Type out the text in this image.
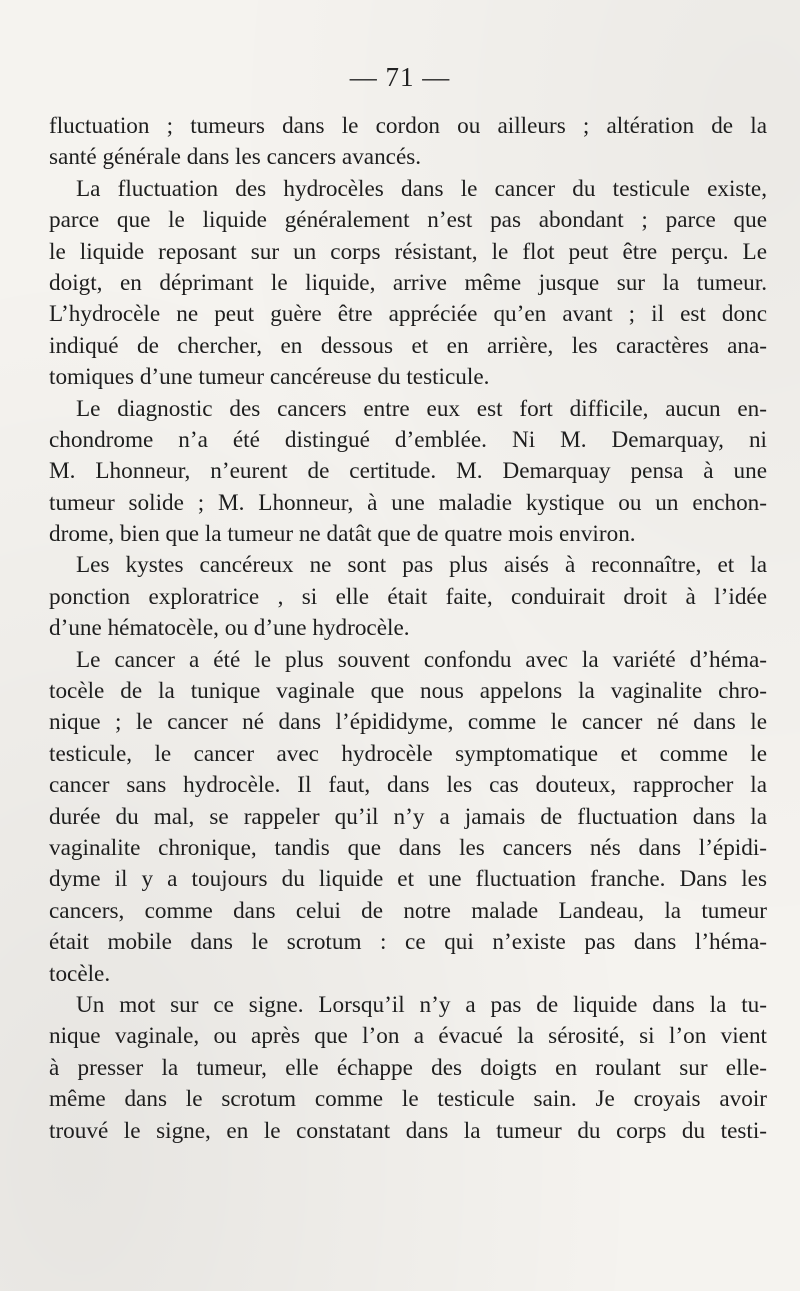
— 71 —
fluctuation ; tumeurs dans le cordon ou ailleurs ; altération de la
santé générale dans les cancers avancés.
La fluctuation des hydrocèles dans le cancer du testicule existe,
parce que le liquide généralement n’est pas abondant ; parce que
le liquide reposant sur un corps résistant, le flot peut être perçu. Le
doigt, en déprimant le liquide, arrive même jusque sur la tumeur.
L’hydrocèle ne peut guère être appréciée qu’en avant ; il est donc
indiqué de chercher, en dessous et en arrière, les caractères ana-
tomiques d’une tumeur cancéreuse du testicule.
Le diagnostic des cancers entre eux est fort difficile, aucun en-
chondrome n’a été distingué d’emblée. Ni M. Demarquay, ni
M. Lhonneur, n’eurent de certitude. M. Demarquay pensa à une
tumeur solide ; M. Lhonneur, à une maladie kystique ou un enchon-
drome, bien que la tumeur ne datât que de quatre mois environ.
Les kystes cancéreux ne sont pas plus aisés à reconnaître, et la
ponction exploratrice , si elle était faite, conduirait droit à l’idée
d’une hématocèle, ou d’une hydrocèle.
Le cancer a été le plus souvent confondu avec la variété d’héma-
tocèle de la tunique vaginale que nous appelons la vaginalite chro-
nique ; le cancer né dans l’épididyme, comme le cancer né dans le
testicule, le cancer avec hydrocèle symptomatique et comme le
cancer sans hydrocèle. Il faut, dans les cas douteux, rapprocher la
durée du mal, se rappeler qu’il n’y a jamais de fluctuation dans la
vaginalite chronique, tandis que dans les cancers nés dans l’épidi-
dyme il y a toujours du liquide et une fluctuation franche. Dans les
cancers, comme dans celui de notre malade Landeau, la tumeur
était mobile dans le scrotum : ce qui n’existe pas dans l’héma-
tocèle.
Un mot sur ce signe. Lorsqu’il n’y a pas de liquide dans la tu-
nique vaginale, ou après que l’on a évacué la sérosité, si l’on vient
à presser la tumeur, elle échappe des doigts en roulant sur elle-
même dans le scrotum comme le testicule sain. Je croyais avoir
trouvé le signe, en le constatant dans la tumeur du corps du testi-
